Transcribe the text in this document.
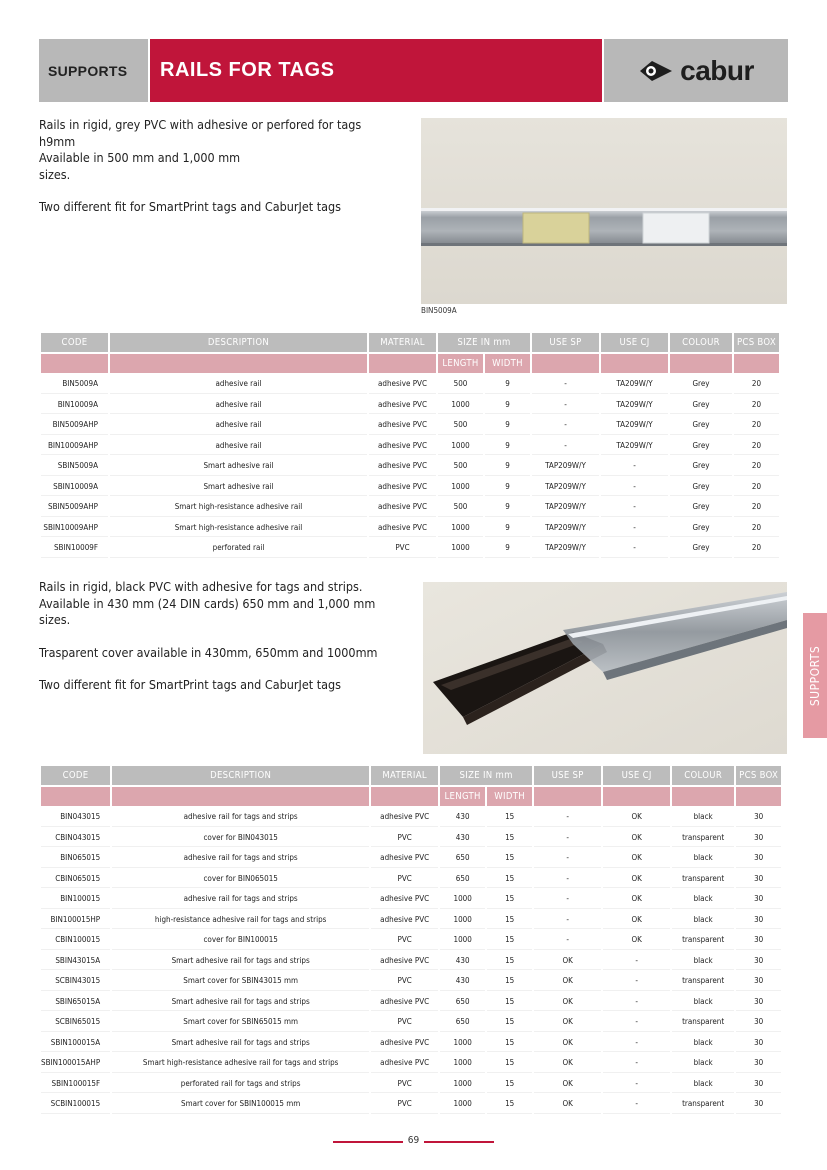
SUPPORTS	RAILS FOR TAGS	cabur

Rails in rigid, grey PVC with adhesive or perfored for tags

h9mm

Available in 500 mm and 1,000 mm

sizes.

Two different fit for SmartPrint tags and CaburJet tags

BIN5009A
CODE	DESCRIPTION	MATERIAL	SIZE IN mm		USE SP	USE CJ	COLOUR	PCS BOX
			LENGTH	WIDTH				
BIN5009A	adhesive rail	adhesive PVC	500	9	-	TA209W/Y	Grey	20
BIN10009A	adhesive rail	adhesive PVC	1000	9	-	TA209W/Y	Grey	20
BIN5009AHP	adhesive rail	adhesive PVC	500	9	-	TA209W/Y	Grey	20
BIN10009AHP	adhesive rail	adhesive PVC	1000	9	-	TA209W/Y	Grey	20
SBIN5009A	Smart adhesive rail	adhesive PVC	500	9	TAP209W/Y	-	Grey	20
SBIN10009A	Smart adhesive rail	adhesive PVC	1000	9	TAP209W/Y	-	Grey	20
SBIN5009AHP	Smart high-resistance adhesive rail	adhesive PVC	500	9	TAP209W/Y	-	Grey	20
SBIN10009AHP	Smart high-resistance adhesive rail	adhesive PVC	1000	9	TAP209W/Y	-	Grey	20
SBIN10009F	perforated rail	PVC	1000	9	TAP209W/Y	-	Grey	20

Rails in rigid, black PVC with adhesive for tags and strips.

Available in 430 mm (24 DIN cards) 650 mm and 1,000 mm

sizes.

Trasparent cover available in 430mm, 650mm and 1000mm

Two different fit for SmartPrint tags and CaburJet tags

CODE	DESCRIPTION	MATERIAL	SIZE IN mm		USE SP	USE CJ	COLOUR	PCS BOX
			LENGTH	WIDTH				
BIN043015	adhesive rail for tags and strips	adhesive PVC	430	15	-	OK	black	30
CBIN043015	cover for BIN043015	PVC	430	15	-	OK	transparent	30
BIN065015	adhesive rail for tags and strips	adhesive PVC	650	15	-	OK	black	30
CBIN065015	cover for BIN065015	PVC	650	15	-	OK	transparent	30
BIN100015	adhesive rail for tags and strips	adhesive PVC	1000	15	-	OK	black	30
BIN100015HP	high-resistance adhesive rail for tags and strips	adhesive PVC	1000	15	-	OK	black	30
CBIN100015	cover for BIN100015	PVC	1000	15	-	OK	transparent	30
SBIN43015A	Smart adhesive rail for tags and strips	adhesive PVC	430	15	OK	-	black	30
SCBIN43015	Smart cover for SBIN43015 mm	PVC	430	15	OK	-	transparent	30
SBIN65015A	Smart adhesive rail for tags and strips	adhesive PVC	650	15	OK	-	black	30
SCBIN65015	Smart cover for SBIN65015 mm	PVC	650	15	OK	-	transparent	30
SBIN100015A	Smart adhesive rail for tags and strips	adhesive PVC	1000	15	OK	-	black	30
SBIN100015AHP	Smart high-resistance adhesive rail for tags and strips	adhesive PVC	1000	15	OK	-	black	30
SBIN100015F	perforated rail for tags and strips	PVC	1000	15	OK	-	black	30
SCBIN100015	Smart cover for SBIN100015 mm	PVC	1000	15	OK	-	transparent	30
SUPPORTS
69
